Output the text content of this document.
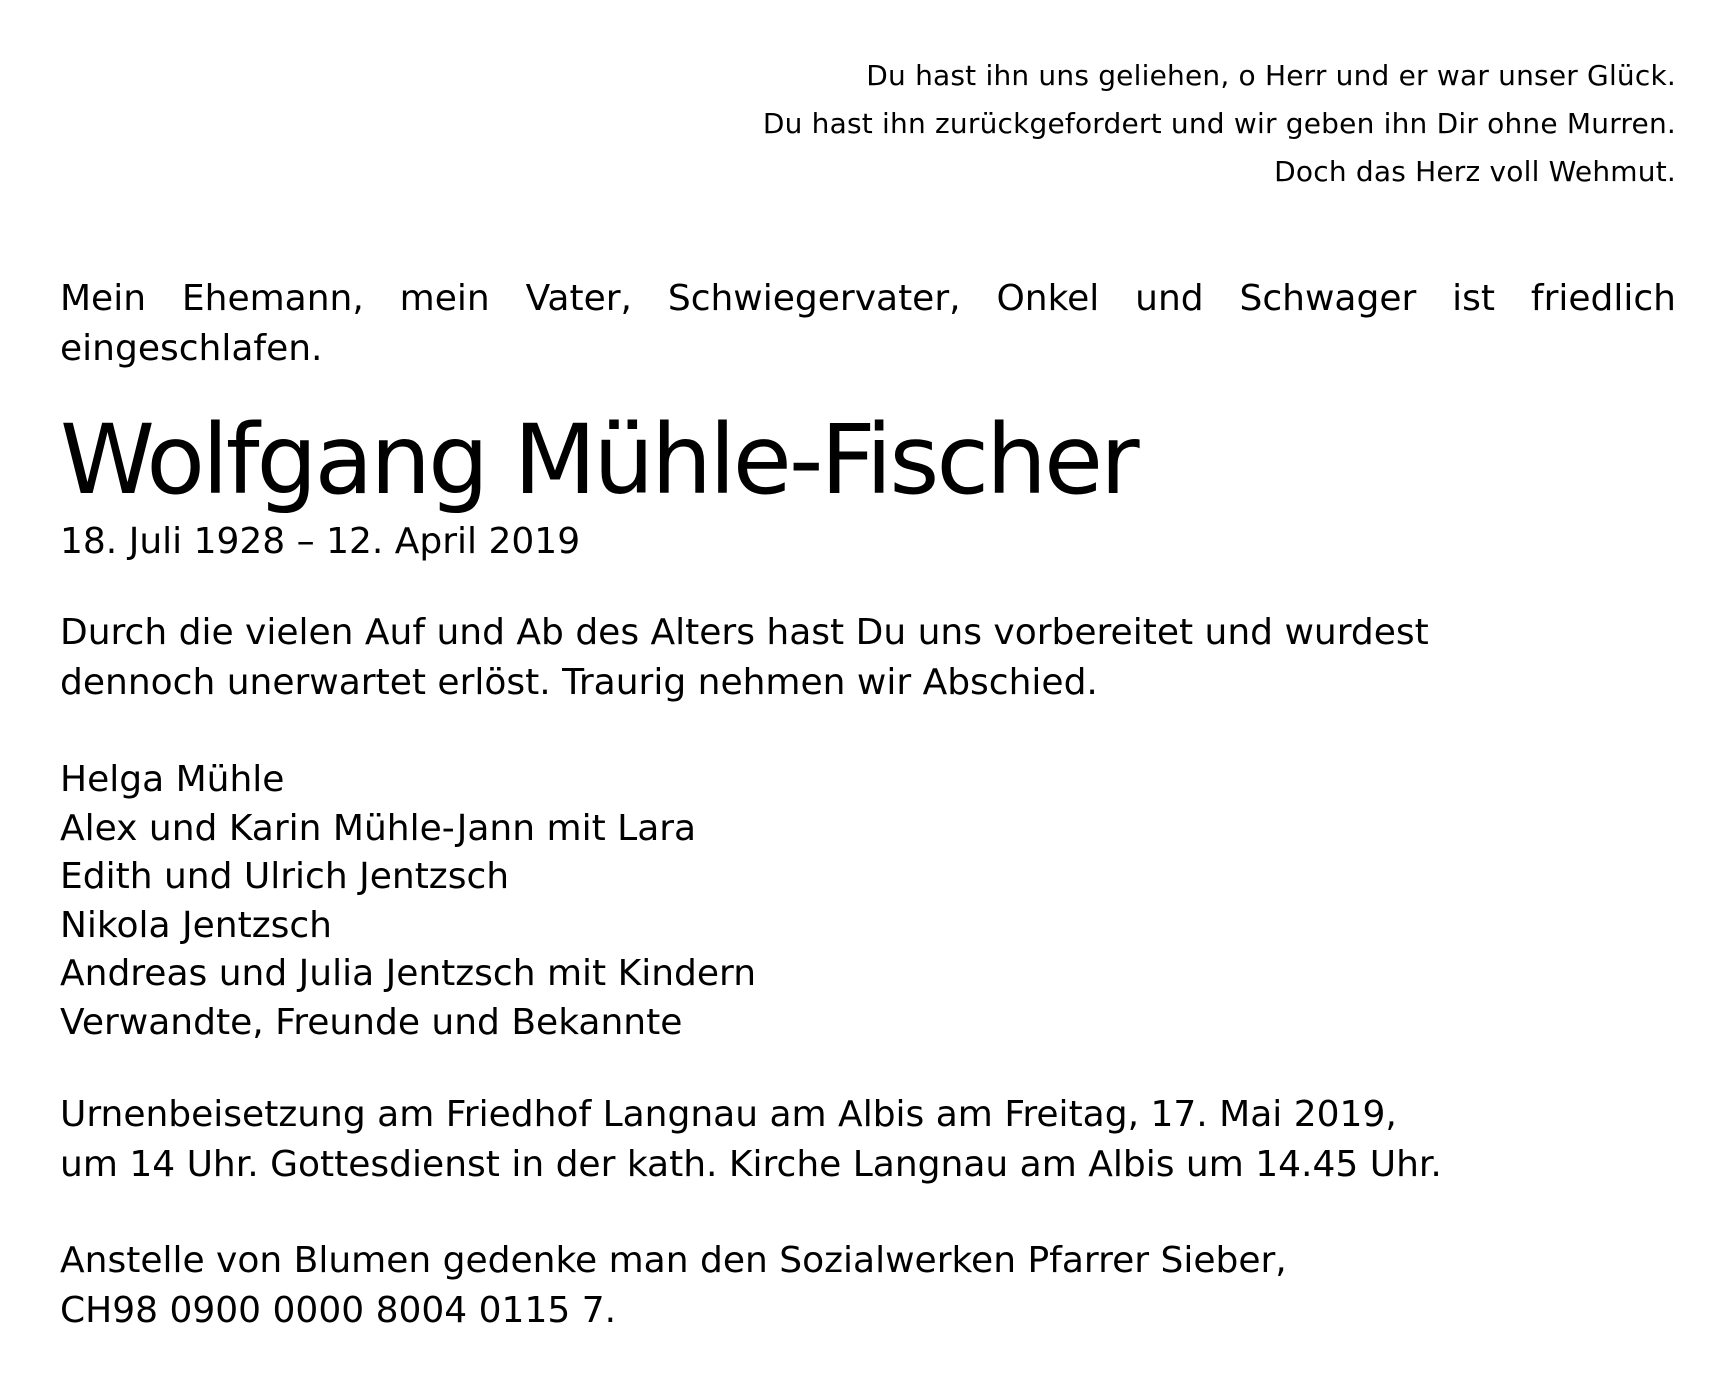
Du hast ihn uns geliehen, o Herr und er war unser Glück.
Du hast ihn zurückgefordert und wir geben ihn Dir ohne Murren.
Doch das Herz voll Wehmut.
Mein Ehemann, mein Vater, Schwiegervater, Onkel und Schwager ist friedlich eingeschlafen.
Wolfgang Mühle-Fischer
18. Juli 1928 – 12. April 2019
Durch die vielen Auf und Ab des Alters hast Du uns vorbereitet und wurdest
dennoch unerwartet erlöst. Traurig nehmen wir Abschied.
Helga Mühle
Alex und Karin Mühle-Jann mit Lara
Edith und Ulrich Jentzsch
Nikola Jentzsch
Andreas und Julia Jentzsch mit Kindern
Verwandte, Freunde und Bekannte
Urnenbeisetzung am Friedhof Langnau am Albis am Freitag, 17. Mai 2019,
um 14 Uhr. Gottesdienst in der kath. Kirche Langnau am Albis um 14.45 Uhr.
Anstelle von Blumen gedenke man den Sozialwerken Pfarrer Sieber,
CH98 0900 0000 8004 0115 7.
